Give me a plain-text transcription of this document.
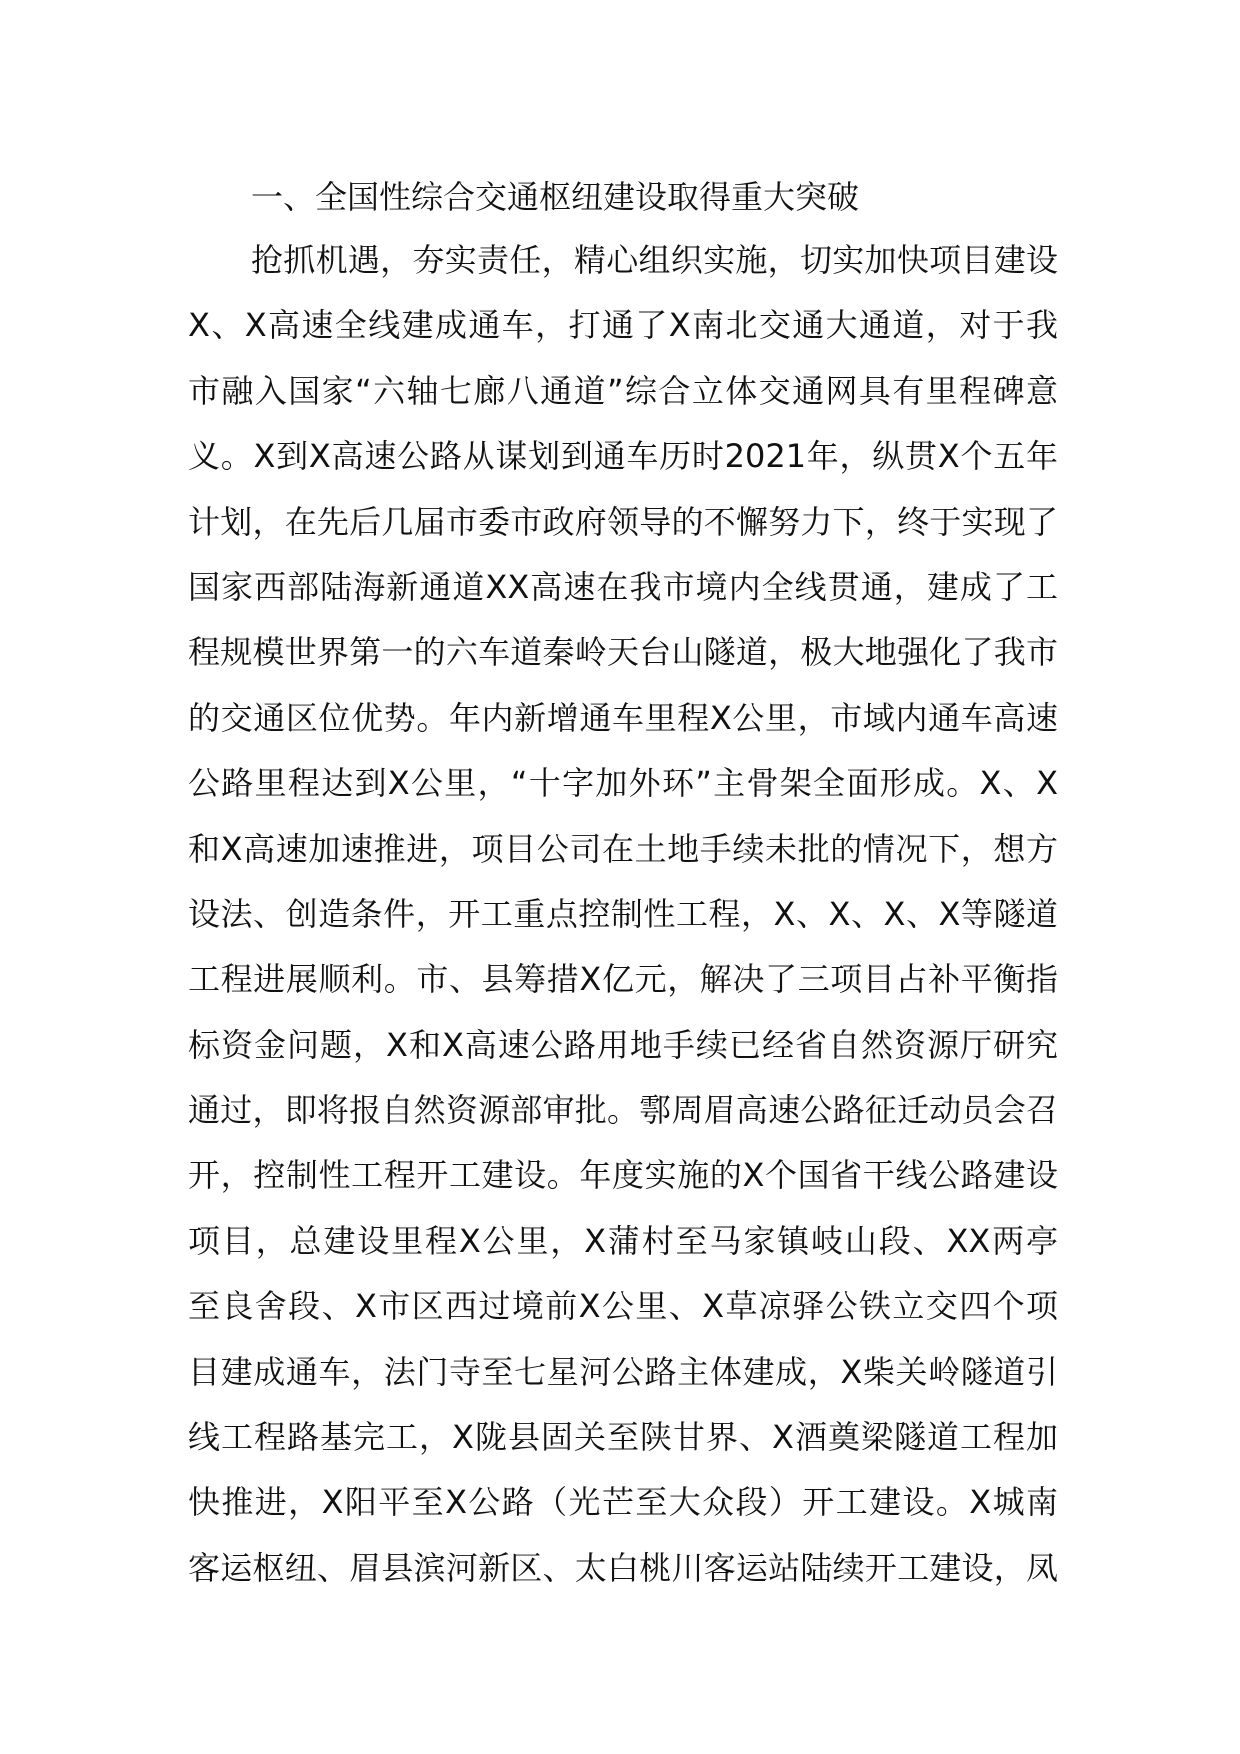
一、全国性综合交通枢纽建设取得重大突破
抢抓机遇，夯实责任，精心组织实施，切实加快项目建设
X、X高速全线建成通车，打通了X南北交通大通道，对于我
市融入国家“六轴七廊八通道”综合立体交通网具有里程碑意
义。X到X高速公路从谋划到通车历时2021年，纵贯X个五年
计划，在先后几届市委市政府领导的不懈努力下，终于实现了
国家西部陆海新通道XX高速在我市境内全线贯通，建成了工
程规模世界第一的六车道秦岭天台山隧道，极大地强化了我市
的交通区位优势。年内新增通车里程X公里，市域内通车高速
公路里程达到X公里，“十字加外环”主骨架全面形成。X、X
和X高速加速推进，项目公司在土地手续未批的情况下，想方
设法、创造条件，开工重点控制性工程，X、X、X、X等隧道
工程进展顺利。市、县筹措X亿元，解决了三项目占补平衡指
标资金问题，X和X高速公路用地手续已经省自然资源厅研究
通过，即将报自然资源部审批。鄠周眉高速公路征迁动员会召
开，控制性工程开工建设。年度实施的X个国省干线公路建设
项目，总建设里程X公里，X蒲村至马家镇岐山段、XX两亭
至良舍段、X市区西过境前X公里、X草凉驿公铁立交四个项
目建成通车，法门寺至七星河公路主体建成，X柴关岭隧道引
线工程路基完工，X陇县固关至陕甘界、X酒奠梁隧道工程加
快推进，X阳平至X公路（光芒至大众段）开工建设。X城南
客运枢纽、眉县滨河新区、太白桃川客运站陆续开工建设，凤
